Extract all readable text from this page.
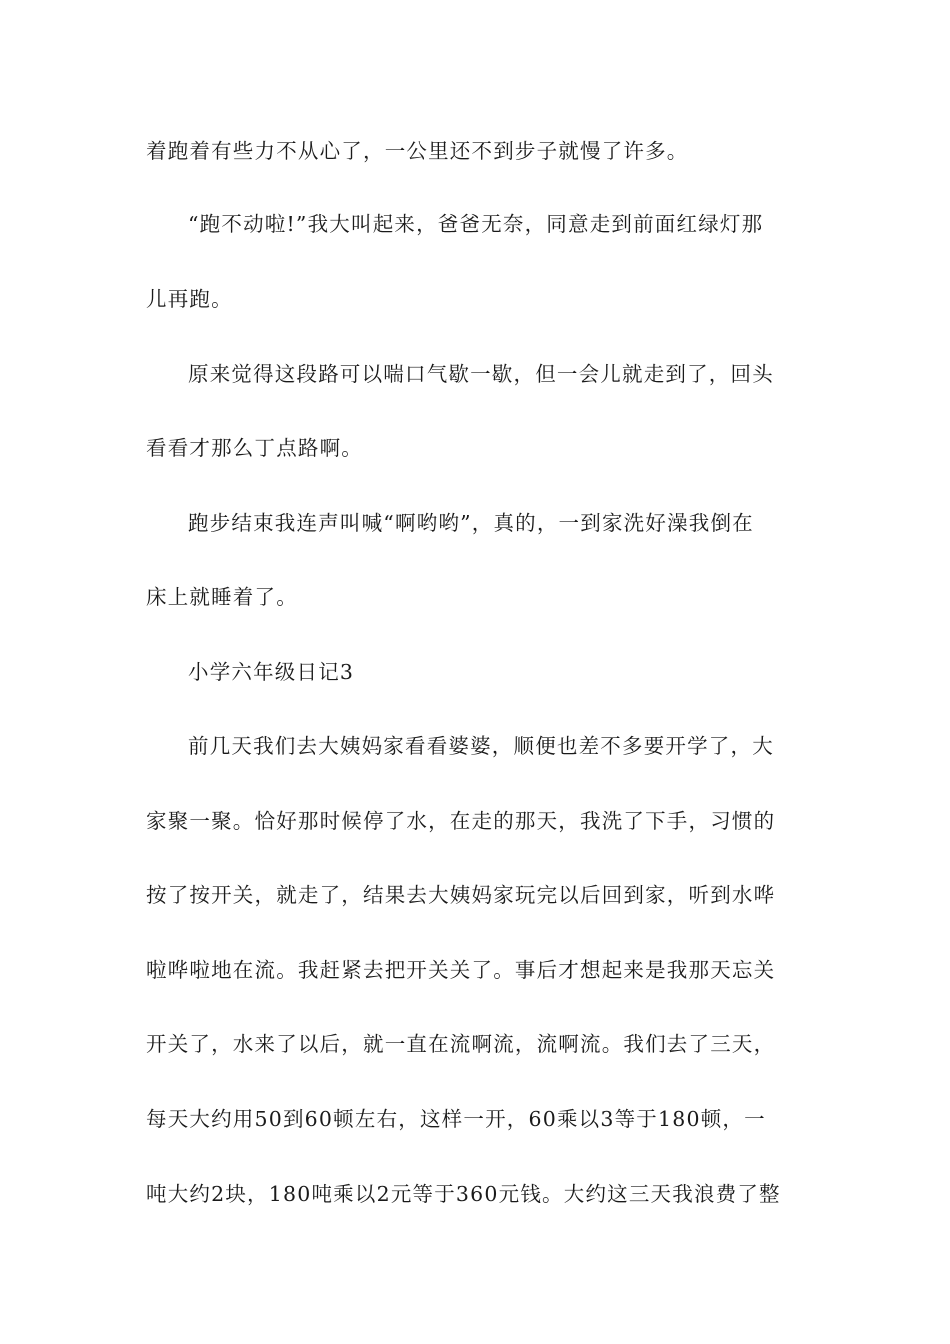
着跑着有些力不从心了，一公里还不到步子就慢了许多。
“跑不动啦!”我大叫起来，爸爸无奈，同意走到前面红绿灯那
儿再跑。
原来觉得这段路可以喘口气歇一歇，但一会儿就走到了，回头
看看才那么丁点路啊。
跑步结束我连声叫喊“啊哟哟”，真的，一到家洗好澡我倒在
床上就睡着了。
小学六年级日记3
前几天我们去大姨妈家看看婆婆，顺便也差不多要开学了，大
家聚一聚。恰好那时候停了水，在走的那天，我洗了下手，习惯的
按了按开关，就走了，结果去大姨妈家玩完以后回到家，听到水哗
啦哗啦地在流。我赶紧去把开关关了。事后才想起来是我那天忘关
开关了，水来了以后，就一直在流啊流，流啊流。我们去了三天，
每天大约用50到60顿左右，这样一开，60乘以3等于180顿，一
吨大约2块，180吨乘以2元等于360元钱。大约这三天我浪费了整
